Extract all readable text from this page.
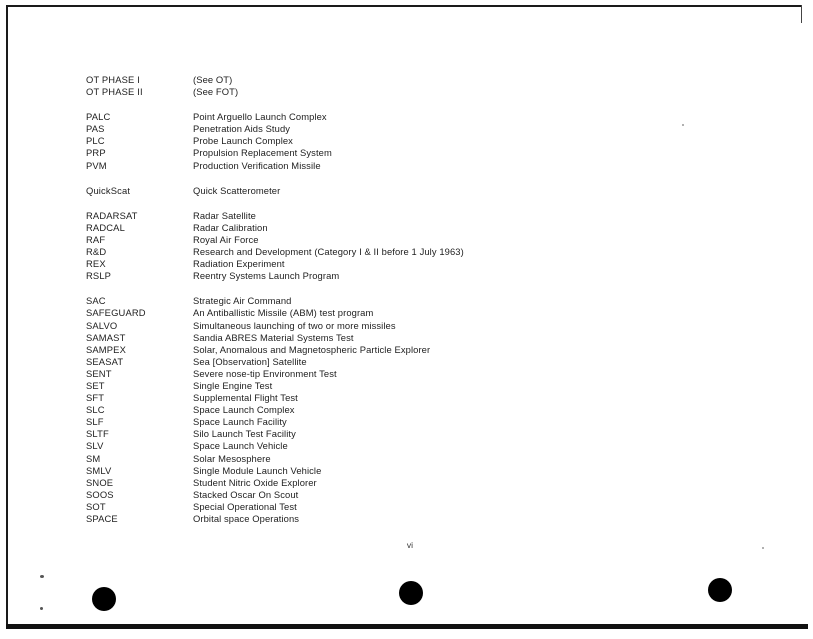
OT PHASE I	(See OT)
OT PHASE II	(See FOT)
PALC	Point Arguello Launch Complex
PAS	Penetration Aids Study
PLC	Probe Launch Complex
PRP	Propulsion Replacement System
PVM	Production Verification Missile
QuickScat	Quick Scatterometer
RADARSAT	Radar Satellite
RADCAL	Radar Calibration
RAF	Royal Air Force
R&D	Research and Development (Category I & II before 1 July 1963)
REX	Radiation Experiment
RSLP	Reentry Systems Launch Program
SAC	Strategic Air Command
SAFEGUARD	An Antiballistic Missile (ABM) test program
SALVO	Simultaneous launching of two or more missiles
SAMAST	Sandia ABRES Material Systems Test
SAMPEX	Solar, Anomalous and Magnetospheric Particle Explorer
SEASAT	Sea [Observation] Satellite
SENT	Severe nose-tip Environment Test
SET	Single Engine Test
SFT	Supplemental Flight Test
SLC	Space Launch Complex
SLF	Space Launch Facility
SLTF	Silo Launch Test Facility
SLV	Space Launch Vehicle
SM	Solar Mesosphere
SMLV	Single Module Launch Vehicle
SNOE	Student Nitric Oxide Explorer
SOOS	Stacked Oscar On Scout
SOT	Special Operational Test
SPACE	Orbital space Operations
vi
